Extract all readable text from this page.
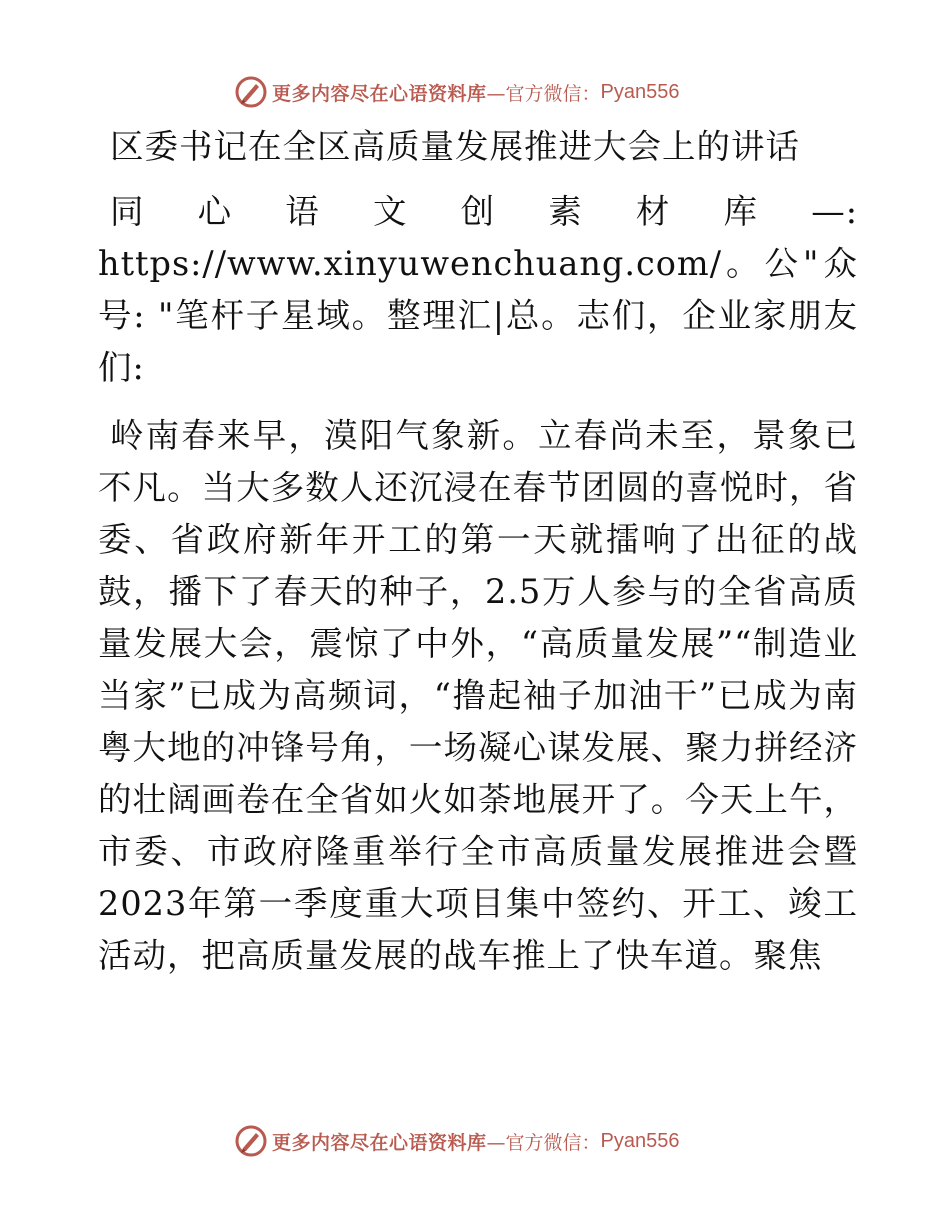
更多内容尽在心语资料库 —官方微信： Pyan556

区委书记在全区高质量发展推进大会上的讲话

同心语文创素材库—: https://www.xinyuwenchuang.com/。公"众号: "笔杆子星域。整理汇|总。志们，企业家朋友们:

岭南春来早，漠阳气象新。立春尚未至，景象已不凡。当大多数人还沉浸在春节团圆的喜悦时，省委、省政府新年开工的第一天就擂响了出征的战鼓，播下了春天的种子，2.5万人参与的全省高质量发展大会，震惊了中外，“高质量发展”“制造业当家”已成为高频词，“撸起袖子加油干”已成为南粤大地的冲锋号角，一场凝心谋发展、聚力拼经济的壮阔画卷在全省如火如荼地展开了。今天上午，市委、市政府隆重举行全市高质量发展推进会暨2023年第一季度重大项目集中签约、开工、竣工活动，把高质量发展的战车推上了快车道。聚焦

更多内容尽在心语资料库 —官方微信： Pyan556
